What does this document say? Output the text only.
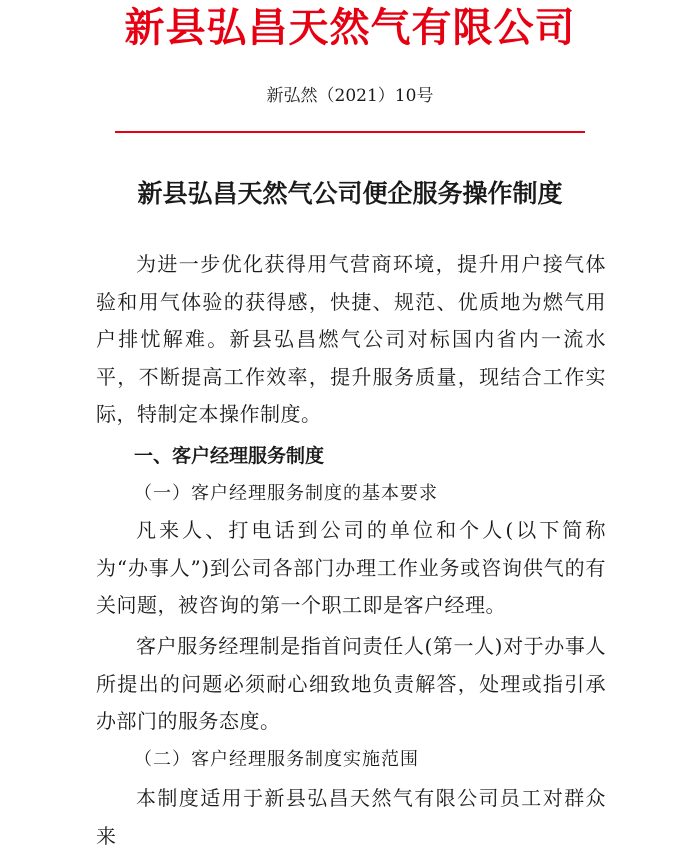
新县弘昌天然气有限公司
新弘然（2021）10号
新县弘昌天然气公司便企服务操作制度

为进一步优化获得用气营商环境，提升用户接气体验和用气体验的获得感，快捷、规范、优质地为燃气用户排忧解难。新县弘昌燃气公司对标国内省内一流水平，不断提高工作效率，提升服务质量，现结合工作实际，特制定本操作制度。

一、客户经理服务制度
（一）客户经理服务制度的基本要求

凡来人、打电话到公司的单位和个人(以下简称为“办事人”)到公司各部门办理工作业务或咨询供气的有关问题，被咨询的第一个职工即是客户经理。

客户服务经理制是指首问责任人(第一人)对于办事人所提出的问题必须耐心细致地负责解答，处理或指引承办部门的服务态度。

（二）客户经理服务制度实施范围

本制度适用于新县弘昌天然气有限公司员工对群众来
